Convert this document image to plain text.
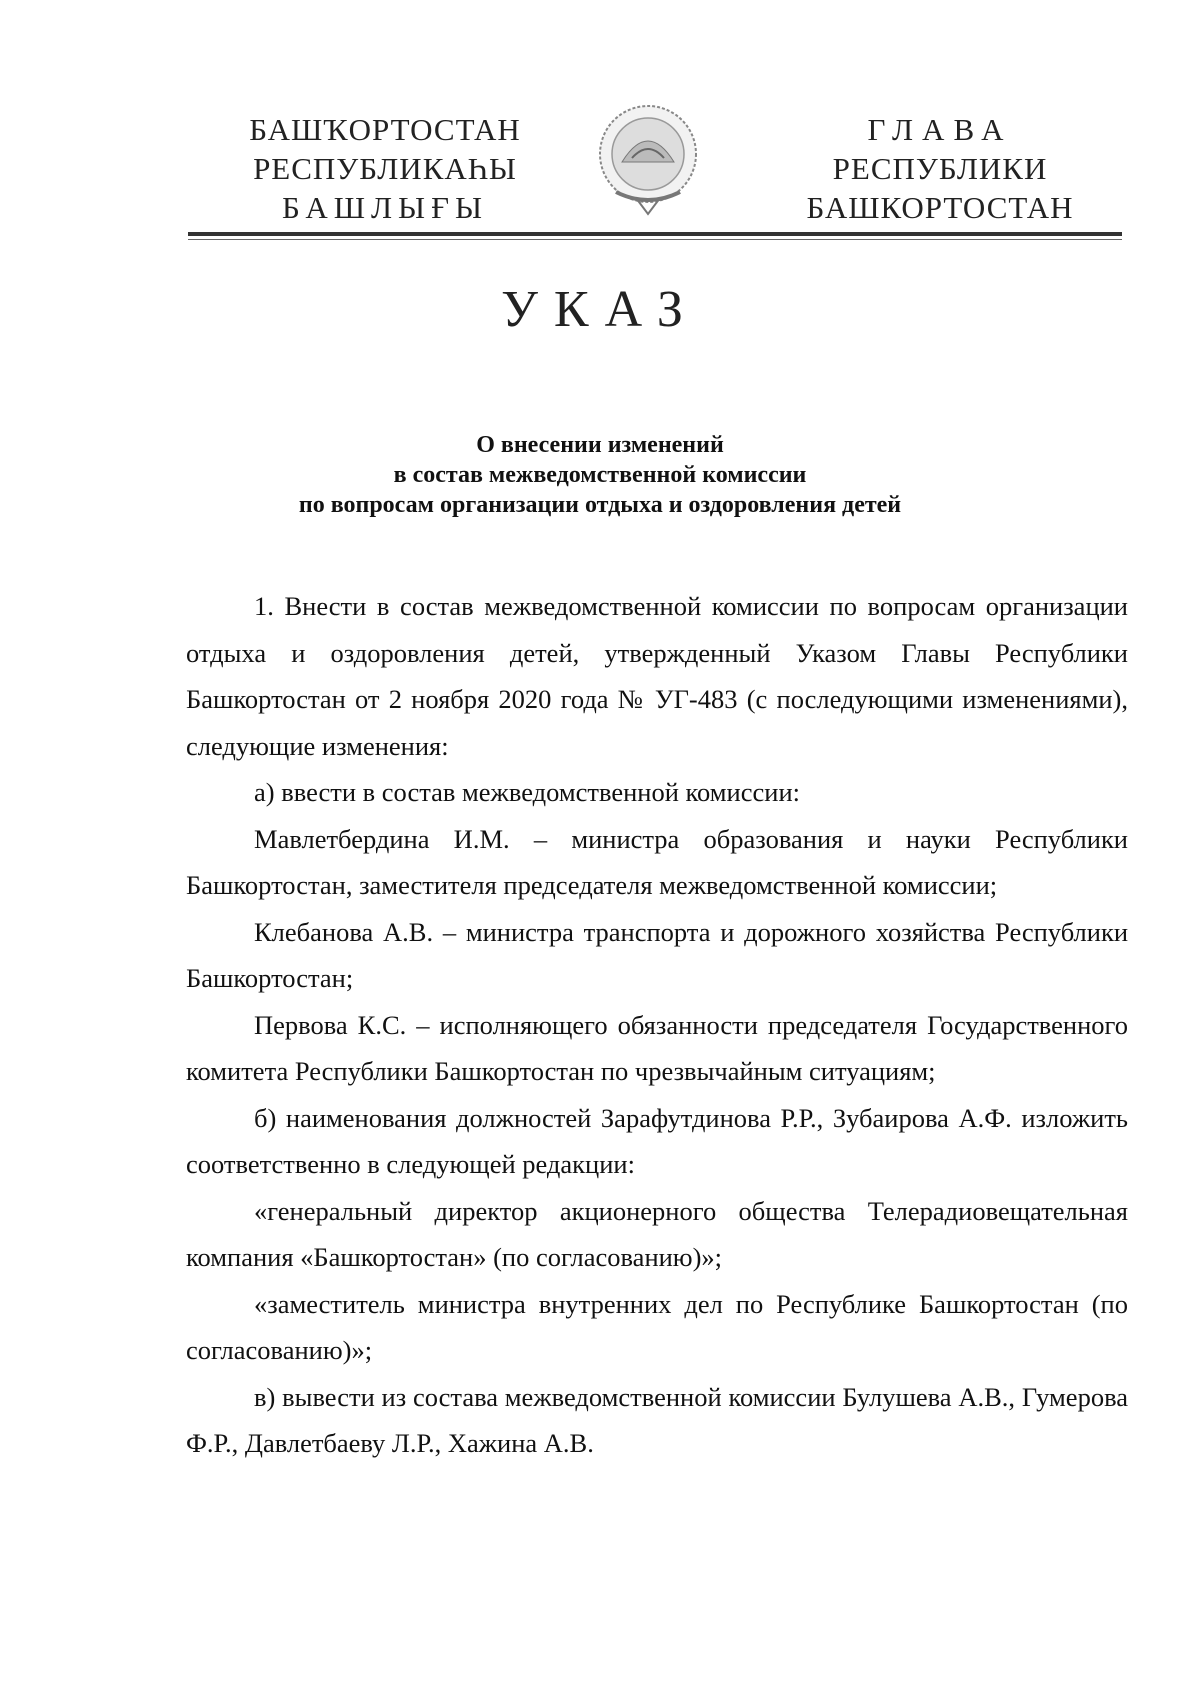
БАШҠОРТОСТАН
РЕСПУБЛИКАҺЫ
БАШЛЫҒЫ
ГЛАВА
РЕСПУБЛИКИ
БАШКОРТОСТАН
УКАЗ
О внесении изменений
в состав межведомственной комиссии
по вопросам организации отдыха и оздоровления детей

1. Внести в состав межведомственной комиссии по вопросам организации отдыха и оздоровления детей, утвержденный Указом Главы Республики Башкортостан от 2 ноября 2020 года № УГ-483 (с последующими изменениями), следующие изменения:

а) ввести в состав межведомственной комиссии:

Мавлетбердина И.М. – министра образования и науки Республики Башкортостан, заместителя председателя межведомственной комиссии;

Клебанова А.В. – министра транспорта и дорожного хозяйства Республики Башкортостан;

Первова К.С. – исполняющего обязанности председателя Государственного комитета Республики Башкортостан по чрезвычайным ситуациям;

б) наименования должностей Зарафутдинова Р.Р., Зубаирова А.Ф. изложить соответственно в следующей редакции:

«генеральный директор акционерного общества Телерадиовещательная компания «Башкортостан» (по согласованию)»;

«заместитель министра внутренних дел по Республике Башкортостан (по согласованию)»;

в) вывести из состава межведомственной комиссии Булушева А.В., Гумерова Ф.Р., Давлетбаеву Л.Р., Хажина А.В.
